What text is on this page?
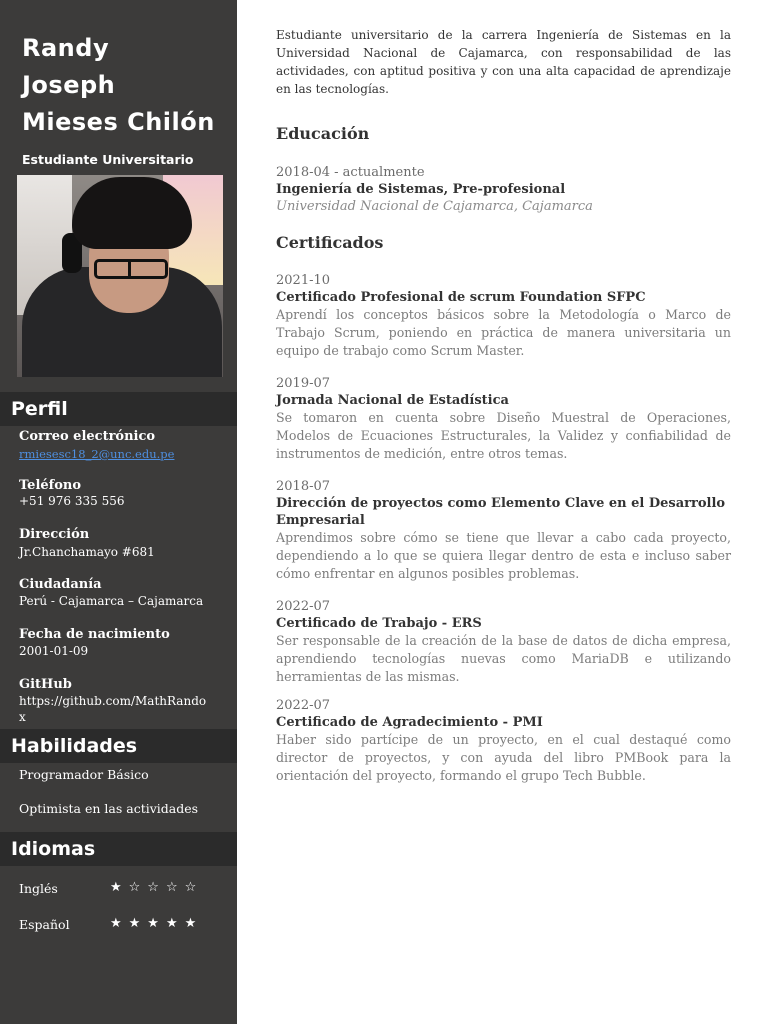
Randy
Joseph
Mieses Chilón
Estudiante Universitario
Perfil
Correo electrónico
rmiesesc18_2@unc.edu.pe
Teléfono
+51 976 335 556
Dirección
Jr.Chanchamayo #681
Ciudadanía
Perú - Cajamarca – Cajamarca
Fecha de nacimiento
2001-01-09
GitHub
https://github.com/MathRando x
Habilidades
Programador Básico
Optimista en las actividades
Idiomas
Inglés	★☆☆☆☆
Español	★★★★★
Estudiante universitario de la carrera Ingeniería de Sistemas en la Universidad Nacional de Cajamarca, con responsabilidad de las actividades, con aptitud positiva y con una alta capacidad de aprendizaje en las tecnologías.
Educación
2018-04 - actualmente
Ingeniería de Sistemas, Pre-profesional
Universidad Nacional de Cajamarca, Cajamarca
Certificados
2021-10
Certificado Profesional de scrum Foundation SFPC
Aprendí los conceptos básicos sobre la Metodología o Marco de Trabajo Scrum, poniendo en práctica de manera universitaria un equipo de trabajo como Scrum Master.
2019-07
Jornada Nacional de Estadística
Se tomaron en cuenta sobre Diseño Muestral de Operaciones, Modelos de Ecuaciones Estructurales, la Validez y confiabilidad de instrumentos de medición, entre otros temas.
2018-07
Dirección de proyectos como Elemento Clave en el Desarrollo Empresarial
Aprendimos sobre cómo se tiene que llevar a cabo cada proyecto, dependiendo a lo que se quiera llegar dentro de esta e incluso saber cómo enfrentar en algunos posibles problemas.
2022-07
Certificado de Trabajo - ERS
Ser responsable de la creación de la base de datos de dicha empresa, aprendiendo tecnologías nuevas como MariaDB e utilizando herramientas de las mismas.
2022-07
Certificado de Agradecimiento - PMI
Haber sido partícipe de un proyecto, en el cual destaqué como director de proyectos, y con ayuda del libro PMBook para la orientación del proyecto, formando el grupo Tech Bubble.
